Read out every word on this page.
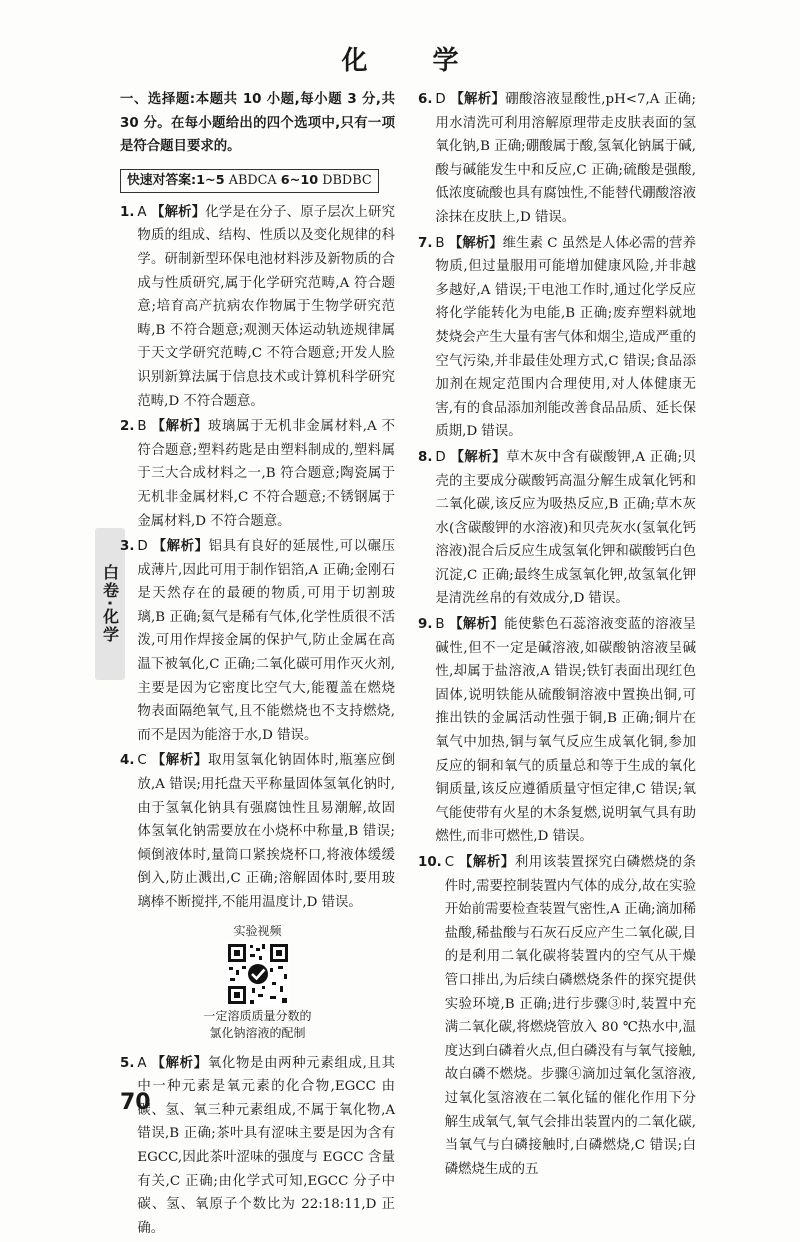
化 学
白卷·化学
一、选择题:本题共 10 小题,每小题 3 分,共 30 分。在每小题给出的四个选项中,只有一项是符合题目要求的。
快速对答案:1~5 ABDCA 6~10 DBDBC
1. A 【解析】化学是在分子、原子层次上研究物质的组成、结构、性质以及变化规律的科学。研制新型环保电池材料涉及新物质的合成与性质研究,属于化学研究范畴,A 符合题意;培育高产抗病农作物属于生物学研究范畴,B 不符合题意;观测天体运动轨迹规律属于天文学研究范畴,C 不符合题意;开发人脸识别新算法属于信息技术或计算机科学研究范畴,D 不符合题意。
2. B 【解析】玻璃属于无机非金属材料,A 不符合题意;塑料药匙是由塑料制成的,塑料属于三大合成材料之一,B 符合题意;陶瓷属于无机非金属材料,C 不符合题意;不锈钢属于金属材料,D 不符合题意。
3. D 【解析】铝具有良好的延展性,可以碾压成薄片,因此可用于制作铝箔,A 正确;金刚石是天然存在的最硬的物质,可用于切割玻璃,B 正确;氦气是稀有气体,化学性质很不活泼,可用作焊接金属的保护气,防止金属在高温下被氧化,C 正确;二氧化碳可用作灭火剂,主要是因为它密度比空气大,能覆盖在燃烧物表面隔绝氧气,且不能燃烧也不支持燃烧,而不是因为能溶于水,D 错误。
4. C 【解析】取用氢氧化钠固体时,瓶塞应倒放,A 错误;用托盘天平称量固体氢氧化钠时,由于氢氧化钠具有强腐蚀性且易潮解,故固体氢氧化钠需要放在小烧杯中称量,B 错误;倾倒液体时,量筒口紧挨烧杯口,将液体缓缓倒入,防止溅出,C 正确;溶解固体时,要用玻璃棒不断搅拌,不能用温度计,D 错误。
实验视频
一定溶质质量分数的
氯化钠溶液的配制
5. A 【解析】氧化物是由两种元素组成,且其中一种元素是氧元素的化合物,EGCC 由碳、氢、氧三种元素组成,不属于氧化物,A 错误,B 正确;茶叶具有涩味主要是因为含有 EGCC,因此茶叶涩味的强度与 EGCC 含量有关,C 正确;由化学式可知,EGCC 分子中碳、氢、氧原子个数比为 22:18:11,D 正确。
6. D 【解析】硼酸溶液显酸性,pH<7,A 正确;用水清洗可利用溶解原理带走皮肤表面的氢氧化钠,B 正确;硼酸属于酸,氢氧化钠属于碱,酸与碱能发生中和反应,C 正确;硫酸是强酸,低浓度硫酸也具有腐蚀性,不能替代硼酸溶液涂抹在皮肤上,D 错误。
7. B 【解析】维生素 C 虽然是人体必需的营养物质,但过量服用可能增加健康风险,并非越多越好,A 错误;干电池工作时,通过化学反应将化学能转化为电能,B 正确;废弃塑料就地焚烧会产生大量有害气体和烟尘,造成严重的空气污染,并非最佳处理方式,C 错误;食品添加剂在规定范围内合理使用,对人体健康无害,有的食品添加剂能改善食品品质、延长保质期,D 错误。
8. D 【解析】草木灰中含有碳酸钾,A 正确;贝壳的主要成分碳酸钙高温分解生成氧化钙和二氧化碳,该反应为吸热反应,B 正确;草木灰水(含碳酸钾的水溶液)和贝壳灰水(氢氧化钙溶液)混合后反应生成氢氧化钾和碳酸钙白色沉淀,C 正确;最终生成氢氧化钾,故氢氧化钾是清洗丝帛的有效成分,D 错误。
9. B 【解析】能使紫色石蕊溶液变蓝的溶液呈碱性,但不一定是碱溶液,如碳酸钠溶液呈碱性,却属于盐溶液,A 错误;铁钉表面出现红色固体,说明铁能从硫酸铜溶液中置换出铜,可推出铁的金属活动性强于铜,B 正确;铜片在氧气中加热,铜与氧气反应生成氧化铜,参加反应的铜和氧气的质量总和等于生成的氧化铜质量,该反应遵循质量守恒定律,C 错误;氧气能使带有火星的木条复燃,说明氧气具有助燃性,而非可燃性,D 错误。
10. C 【解析】利用该装置探究白磷燃烧的条件时,需要控制装置内气体的成分,故在实验开始前需要检查装置气密性,A 正确;滴加稀盐酸,稀盐酸与石灰石反应产生二氧化碳,目的是利用二氧化碳将装置内的空气从干燥管口排出,为后续白磷燃烧条件的探究提供实验环境,B 正确;进行步骤③时,装置中充满二氧化碳,将燃烧管放入 80 ℃热水中,温度达到白磷着火点,但白磷没有与氧气接触,故白磷不燃烧。步骤④滴加过氧化氢溶液,过氧化氢溶液在二氧化锰的催化作用下分解生成氧气,氧气会排出装置内的二氧化碳,当氧气与白磷接触时,白磷燃烧,C 错误;白磷燃烧生成的五
70
